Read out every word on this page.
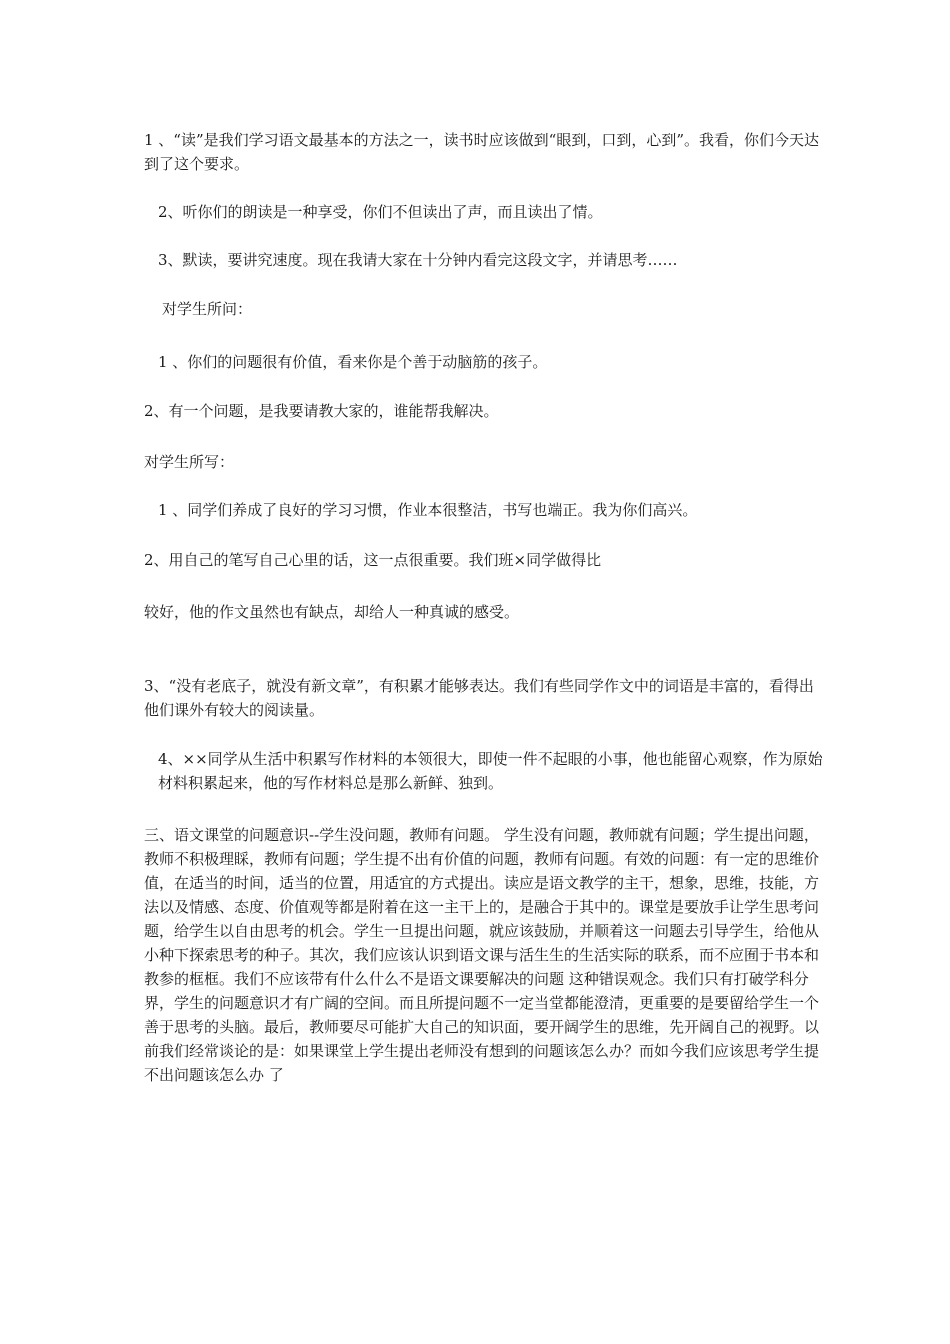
1 、“读”是我们学习语文最基本的方法之一，读书时应该做到“眼到，口到，心到”。我看，你们今天达到了这个要求。

2、听你们的朗读是一种享受，你们不但读出了声，而且读出了情。

3、默读，要讲究速度。现在我请大家在十分钟内看完这段文字，并请思考……

对学生所问：

1 、你们的问题很有价值，看来你是个善于动脑筋的孩子。

2、有一个问题，是我要请教大家的，谁能帮我解决。

对学生所写：

1 、同学们养成了良好的学习习惯，作业本很整洁，书写也端正。我为你们高兴。

2、用自己的笔写自己心里的话，这一点很重要。我们班×同学做得比

较好，他的作文虽然也有缺点，却给人一种真诚的感受。

3、“没有老底子，就没有新文章”，有积累才能够表达。我们有些同学作文中的词语是丰富的，看得出他们课外有较大的阅读量。

4、××同学从生活中积累写作材料的本领很大，即使一件不起眼的小事，他也能留心观察，作为原始材料积累起来，他的写作材料总是那么新鲜、独到。

三、语文课堂的问题意识--学生没问题，教师有问题。 学生没有问题，教师就有问题；学生提出问题，教师不积极理睬，教师有问题；学生提不出有价值的问题，教师有问题。有效的问题：有一定的思维价值，在适当的时间，适当的位置，用适宜的方式提出。读应是语文教学的主干，想象，思维，技能，方法以及情感、态度、价值观等都是附着在这一主干上的，是融合于其中的。课堂是要放手让学生思考问题，给学生以自由思考的机会。学生一旦提出问题，就应该鼓励，并顺着这一问题去引导学生，给他从小种下探索思考的种子。其次，我们应该认识到语文课与活生生的生活实际的联系，而不应囿于书本和教参的框框。我们不应该带有什么什么不是语文课要解决的问题 这种错误观念。我们只有打破学科分界，学生的问题意识才有广阔的空间。而且所提问题不一定当堂都能澄清，更重要的是要留给学生一个善于思考的头脑。最后，教师要尽可能扩大自己的知识面，要开阔学生的思维，先开阔自己的视野。以前我们经常谈论的是：如果课堂上学生提出老师没有想到的问题该怎么办？而如今我们应该思考学生提不出问题该怎么办 了
